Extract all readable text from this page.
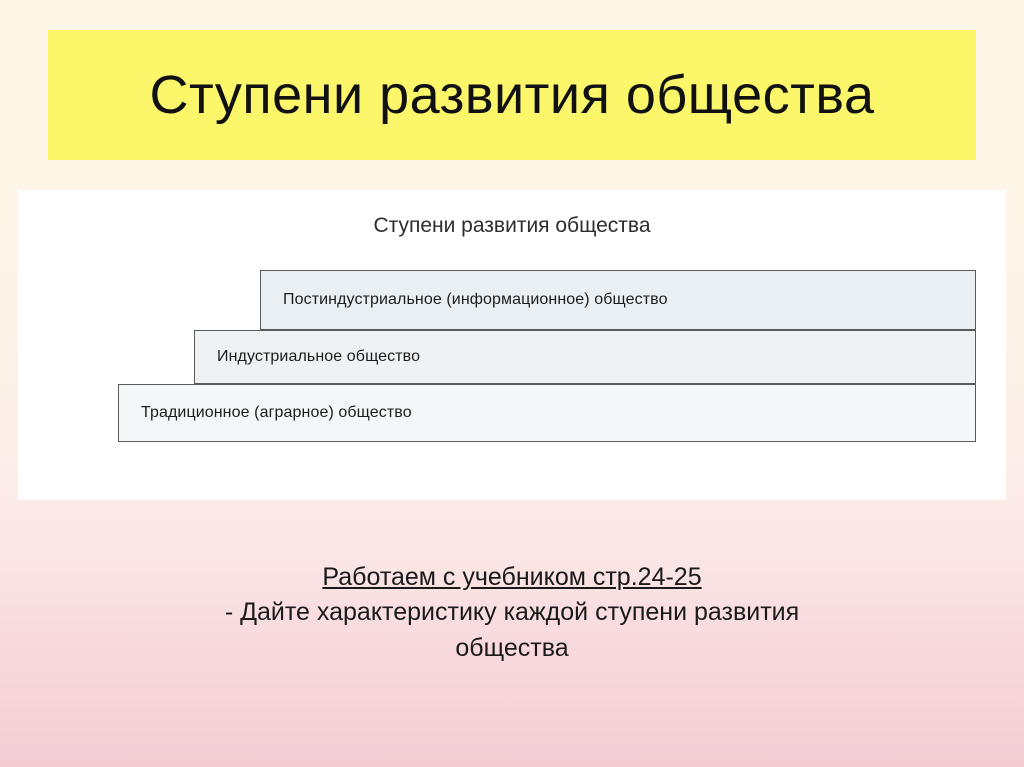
Ступени развития общества
Ступени развития общества
Постиндустриальное (информационное) общество
Индустриальное общество
Традиционное (аграрное) общество
Работаем с учебником стр.24-25
- Дайте характеристику каждой ступени развития
общества
